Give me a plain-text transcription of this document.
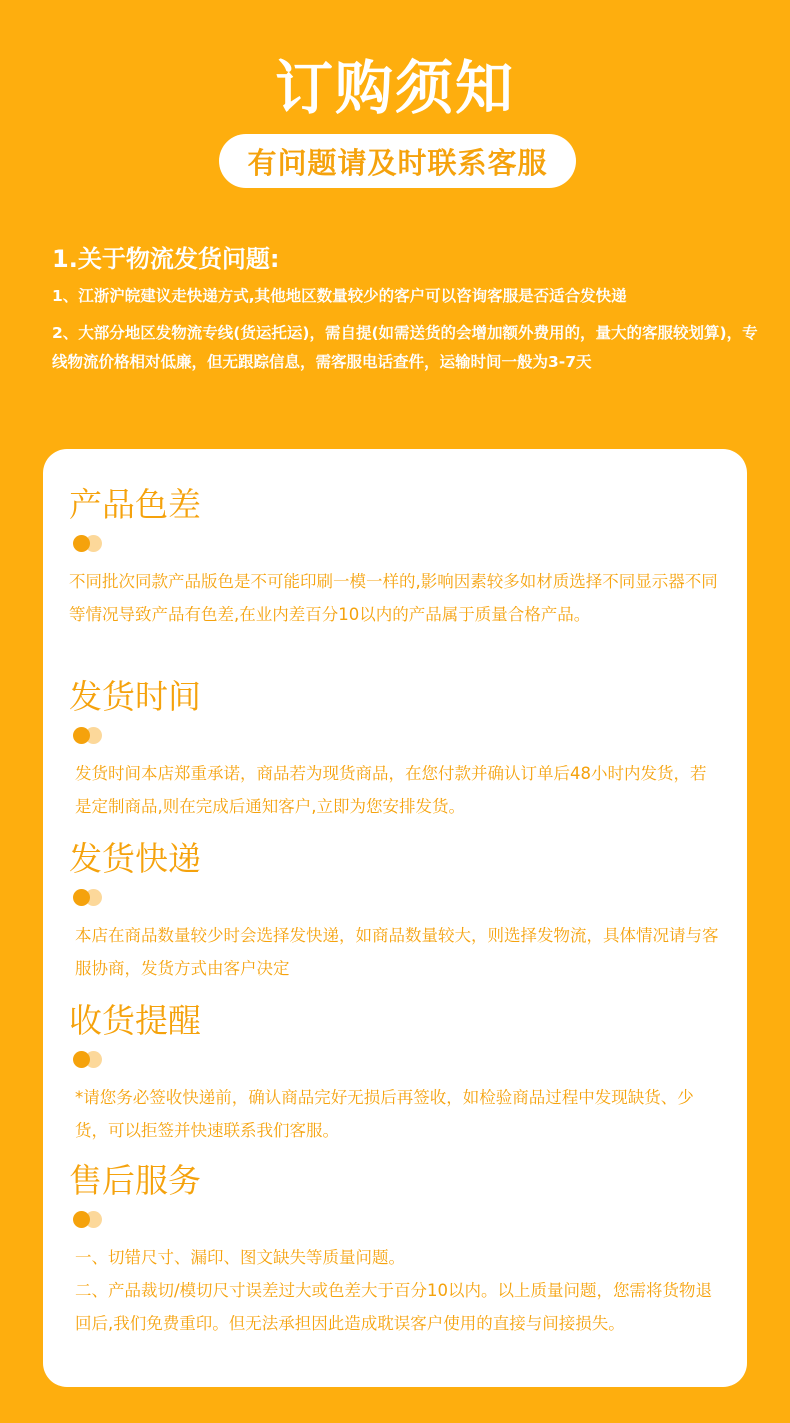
订购须知
有问题请及时联系客服

1.关于物流发货问题:

1、江浙沪皖建议走快递方式,其他地区数量较少的客户可以咨询客服是否适合发快递

2、大部分地区发物流专线(货运托运)，需自提(如需送货的会增加额外费用的，量大的客服较划算)，专线物流价格相对低廉，但无跟踪信息，需客服电话查件，运输时间一般为3-7天

产品色差

不同批次同款产品版色是不可能印刷一模一样的,影响因素较多如材质选择不同显示器不同等情况导致产品有色差,在业内差百分10以内的产品属于质量合格产品。

发货时间

发货时间本店郑重承诺，商品若为现货商品，在您付款并确认订单后48小时内发货，若是定制商品,则在完成后通知客户,立即为您安排发货。

发货快递

本店在商品数量较少时会选择发快递，如商品数量较大，则选择发物流，具体情况请与客服协商，发货方式由客户决定

收货提醒

*请您务必签收快递前，确认商品完好无损后再签收，如检验商品过程中发现缺货、少货，可以拒签并快速联系我们客服。

售后服务

一、切错尺寸、漏印、图文缺失等质量问题。

二、产品裁切/模切尺寸误差过大或色差大于百分10以内。以上质量问题，您需将货物退回后,我们免费重印。但无法承担因此造成耽误客户使用的直接与间接损失。
